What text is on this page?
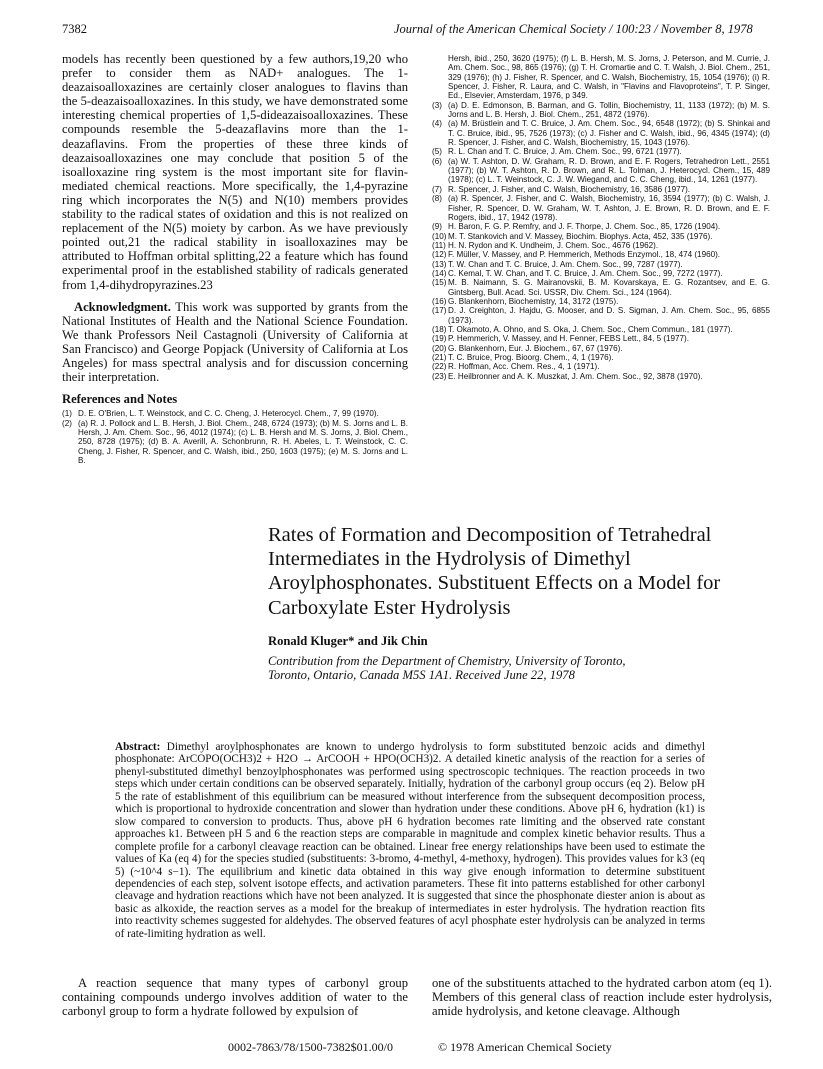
7382	Journal of the American Chemical Society / 100:23 / November 8, 1978

models has recently been questioned by a few authors,19,20 who prefer to consider them as NAD+ analogues. The 1-deazaisoalloxazines are certainly closer analogues to flavins than the 5-deazaisoalloxazines. In this study, we have demonstrated some interesting chemical properties of 1,5-dideazaisoalloxazines. These compounds resemble the 5-deazaflavins more than the 1-deazaflavins. From the properties of these three kinds of deazaisoalloxazines one may conclude that position 5 of the isoalloxazine ring system is the most important site for flavin-mediated chemical reactions. More specifically, the 1,4-pyrazine ring which incorporates the N(5) and N(10) members provides stability to the radical states of oxidation and this is not realized on replacement of the N(5) moiety by carbon. As we have previously pointed out,21 the radical stability in isoalloxazines may be attributed to Hoffman orbital splitting,22 a feature which has found experimental proof in the established stability of radicals generated from 1,4-dihydropyrazines.23

Acknowledgment. This work was supported by grants from the National Institutes of Health and the National Science Foundation. We thank Professors Neil Castagnoli (University of California at San Francisco) and George Popjack (University of California at Los Angeles) for mass spectral analysis and for discussion concerning their interpretation.

References and Notes

(1) D. E. O'Brien, L. T. Weinstock, and C. C. Cheng, J. Heterocycl. Chem., 7, 99 (1970).
(2) (a) R. J. Pollock and L. B. Hersh, J. Biol. Chem., 248, 6724 (1973); (b) M. S. Jorns and L. B. Hersh, J. Am. Chem. Soc., 96, 4012 (1974); (c) L. B. Hersh and M. S. Jorns, J. Biol. Chem., 250, 8728 (1975); (d) B. A. Averill, A. Schonbrunn, R. H. Abeles, L. T. Weinstock, C. C. Cheng, J. Fisher, R. Spencer, and C. Walsh, ibid., 250, 1603 (1975); (e) M. S. Jorns and L. B.
Hersh, ibid., 250, 3620 (1975); (f) L. B. Hersh, M. S. Jorns, J. Peterson, and M. Currie, J. Am. Chem. Soc., 98, 865 (1976); (g) T. H. Cromartie and C. T. Walsh, J. Biol. Chem., 251, 329 (1976); (h) J. Fisher, R. Spencer, and C. Walsh, Biochemistry, 15, 1054 (1976); (i) R. Spencer, J. Fisher, R. Laura, and C. Walsh, in "Flavins and Flavoproteins", T. P. Singer, Ed., Elsevier, Amsterdam, 1976, p 349.
(3) (a) D. E. Edmonson, B. Barman, and G. Tollin, Biochemistry, 11, 1133 (1972); (b) M. S. Jorns and L. B. Hersh, J. Biol. Chem., 251, 4872 (1976).
(4) (a) M. Brüstlein and T. C. Bruice, J. Am. Chem. Soc., 94, 6548 (1972); (b) S. Shinkai and T. C. Bruice, ibid., 95, 7526 (1973); (c) J. Fisher and C. Walsh, ibid., 96, 4345 (1974); (d) R. Spencer, J. Fisher, and C. Walsh, Biochemistry, 15, 1043 (1976).
(5) R. L. Chan and T. C. Bruice, J. Am. Chem. Soc., 99, 6721 (1977).
(6) (a) W. T. Ashton, D. W. Graham, R. D. Brown, and E. F. Rogers, Tetrahedron Lett., 2551 (1977); (b) W. T. Ashton, R. D. Brown, and R. L. Tolman, J. Heterocycl. Chem., 15, 489 (1978); (c) L. T. Weinstock, C. J. W. Wiegand, and C. C. Cheng, ibid., 14, 1261 (1977).
(7) R. Spencer, J. Fisher, and C. Walsh, Biochemistry, 16, 3586 (1977).
(8) (a) R. Spencer, J. Fisher, and C. Walsh, Biochemistry, 16, 3594 (1977); (b) C. Walsh, J. Fisher, R. Spencer, D. W. Graham, W. T. Ashton, J. E. Brown, R. D. Brown, and E. F. Rogers, ibid., 17, 1942 (1978).
(9) H. Baron, F. G. P. Remfry, and J. F. Thorpe, J. Chem. Soc., 85, 1726 (1904).
(10) M. T. Stankovich and V. Massey, Biochim. Biophys. Acta, 452, 335 (1976).
(11) H. N. Rydon and K. Undheim, J. Chem. Soc., 4676 (1962).
(12) F. Müller, V. Massey, and P. Hemmerich, Methods Enzymol., 18, 474 (1960).
(13) T. W. Chan and T. C. Bruice, J. Am. Chem. Soc., 99, 7287 (1977).
(14) C. Kemal, T. W. Chan, and T. C. Bruice, J. Am. Chem. Soc., 99, 7272 (1977).
(15) M. B. Naimann, S. G. Mairanovskii, B. M. Kovarskaya, E. G. Rozantsev, and E. G. Gintsberg, Bull. Acad. Sci. USSR, Div. Chem. Sci., 124 (1964).
(16) G. Blankenhorn, Biochemistry, 14, 3172 (1975).
(17) D. J. Creighton, J. Hajdu, G. Mooser, and D. S. Sigman, J. Am. Chem. Soc., 95, 6855 (1973).
(18) T. Okamoto, A. Ohno, and S. Oka, J. Chem. Soc., Chem Commun., 181 (1977).
(19) P. Hemmerich, V. Massey, and H. Fenner, FEBS Lett., 84, 5 (1977).
(20) G. Blankenhorn, Eur. J. Biochem., 67, 67 (1976).
(21) T. C. Bruice, Prog. Bioorg. Chem., 4, 1 (1976).
(22) R. Hoffman, Acc. Chem. Res., 4, 1 (1971).
(23) E. Heilbronner and A. K. Muszkat, J. Am. Chem. Soc., 92, 3878 (1970).
Rates of Formation and Decomposition of Tetrahedral
Intermediates in the Hydrolysis of Dimethyl
Aroylphosphonates. Substituent Effects on a Model for
Carboxylate Ester Hydrolysis
Ronald Kluger* and Jik Chin
Contribution from the Department of Chemistry, University of Toronto,
Toronto, Ontario, Canada M5S 1A1. Received June 22, 1978
Abstract: Dimethyl aroylphosphonates are known to undergo hydrolysis to form substituted benzoic acids and dimethyl phosphonate: ArCOPO(OCH3)2 + H2O → ArCOOH + HPO(OCH3)2. A detailed kinetic analysis of the reaction for a series of phenyl-substituted dimethyl benzoylphosphonates was performed using spectroscopic techniques. The reaction proceeds in two steps which under certain conditions can be observed separately. Initially, hydration of the carbonyl group occurs (eq 2). Below pH 5 the rate of establishment of this equilibrium can be measured without interference from the subsequent decomposition process, which is proportional to hydroxide concentration and slower than hydration under these conditions. Above pH 6, hydration (k1) is slow compared to conversion to products. Thus, above pH 6 hydration becomes rate limiting and the observed rate constant approaches k1. Between pH 5 and 6 the reaction steps are comparable in magnitude and complex kinetic behavior results. Thus a complete profile for a carbonyl cleavage reaction can be obtained. Linear free energy relationships have been used to estimate the values of Ka (eq 4) for the species studied (substituents: 3-bromo, 4-methyl, 4-methoxy, hydrogen). This provides values for k3 (eq 5) (~10^4 s−1). The equilibrium and kinetic data obtained in this way give enough information to determine substituent dependencies of each step, solvent isotope effects, and activation parameters. These fit into patterns established for other carbonyl cleavage and hydration reactions which have not been analyzed. It is suggested that since the phosphonate diester anion is about as basic as alkoxide, the reaction serves as a model for the breakup of intermediates in ester hydrolysis. The hydration reaction fits into reactivity schemes suggested for aldehydes. The observed features of acyl phosphate ester hydrolysis can be analyzed in terms of rate-limiting hydration as well.

A reaction sequence that many types of carbonyl group containing compounds undergo involves addition of water to the carbonyl group to form a hydrate followed by expulsion of

one of the substituents attached to the hydrated carbon atom (eq 1). Members of this general class of reaction include ester hydrolysis, amide hydrolysis, and ketone cleavage. Although

0002-7863/78/1500-7382$01.00/0	© 1978 American Chemical Society
